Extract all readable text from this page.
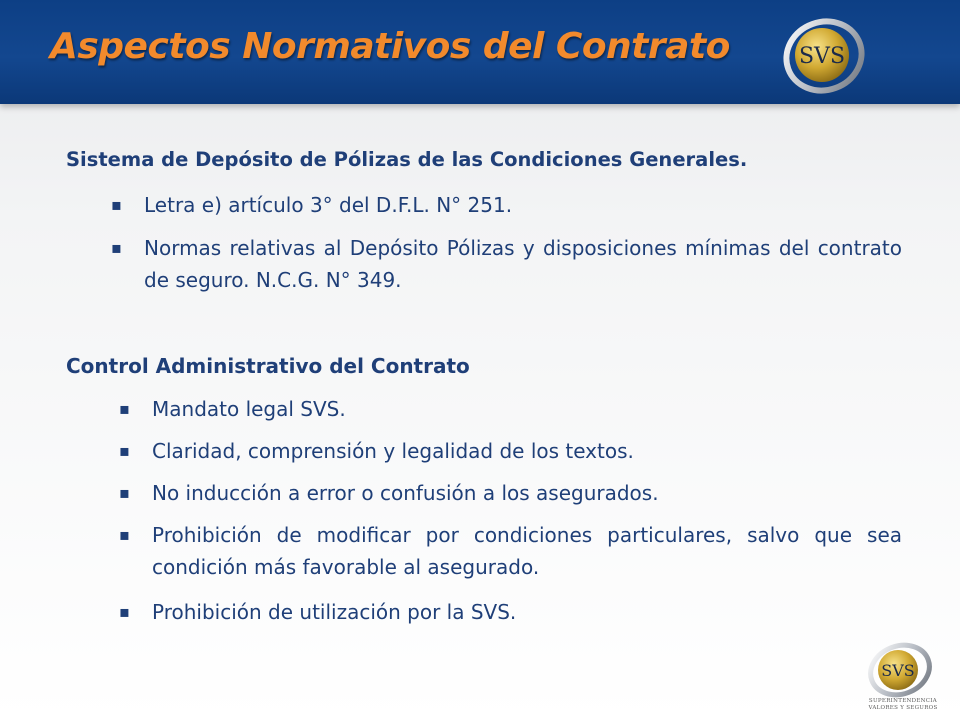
Aspectos Normativos del Contrato	SVS
Sistema de Depósito de Pólizas de las Condiciones Generales.
▪	Letra e) artículo 3° del D.F.L. N° 251.
▪	Normas relativas al Depósito Pólizas y disposiciones mínimas del contrato de seguro. N.C.G. N° 349.
Control Administrativo del Contrato
▪	Mandato legal SVS.
▪	Claridad, comprensión y legalidad de los textos.
▪	No inducción a error o confusión a los asegurados.
▪	Prohibición de modificar por condiciones particulares, salvo que sea condición más favorable al asegurado.
▪	Prohibición de utilización por la SVS.
SVS
SUPERINTENDENCIA
VALORES Y SEGUROS
